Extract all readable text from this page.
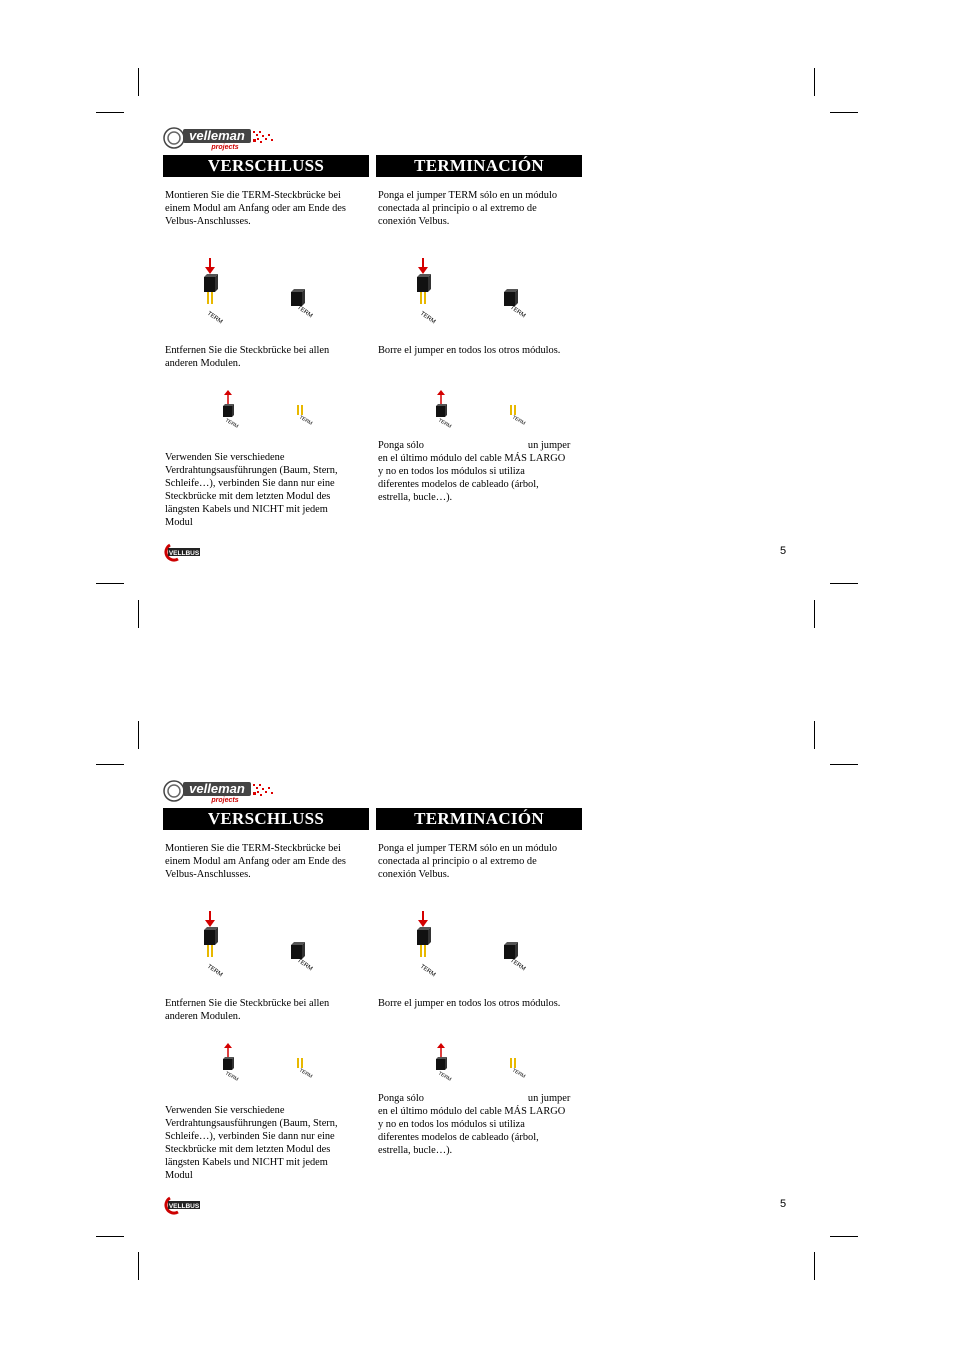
velleman
projects
VERSCHLUSS	TERMINACIÓN
Montieren Sie die TERM-Steckbrücke bei
einem Modul am Anfang oder am Ende des
Velbus-Anschlusses.
Ponga el jumper TERM sólo en un módulo
conectada al principio o al extremo de
conexión Velbus.
TERM	TERM	TERM	TERM
Entfernen Sie die Steckbrücke bei allen
anderen Modulen.
Borre el jumper en todos los otros módulos.
TERM	TERM	TERM	TERM
Verwenden Sie verschiedene
Verdrahtungsausführungen (Baum, Stern,
Schleife…), verbinden Sie dann nur eine
Steckbrücke mit dem letzten Modul des
längsten Kabels und NICHT mit jedem
Modul
Ponga sólo	un jumper
en el último módulo del cable MÁS LARGO
y no en todos los módulos si utiliza
diferentes modelos de cableado (árbol,
estrella, bucle…).
VELLBUS	5
velleman
projects
VERSCHLUSS	TERMINACIÓN
Montieren Sie die TERM-Steckbrücke bei
einem Modul am Anfang oder am Ende des
Velbus-Anschlusses.
Ponga el jumper TERM sólo en un módulo
conectada al principio o al extremo de
conexión Velbus.
TERM	TERM	TERM	TERM
Entfernen Sie die Steckbrücke bei allen
anderen Modulen.
Borre el jumper en todos los otros módulos.
TERM	TERM	TERM	TERM
Verwenden Sie verschiedene
Verdrahtungsausführungen (Baum, Stern,
Schleife…), verbinden Sie dann nur eine
Steckbrücke mit dem letzten Modul des
längsten Kabels und NICHT mit jedem
Modul
Ponga sólo	un jumper
en el último módulo del cable MÁS LARGO
y no en todos los módulos si utiliza
diferentes modelos de cableado (árbol,
estrella, bucle…).
VELLBUS	5
